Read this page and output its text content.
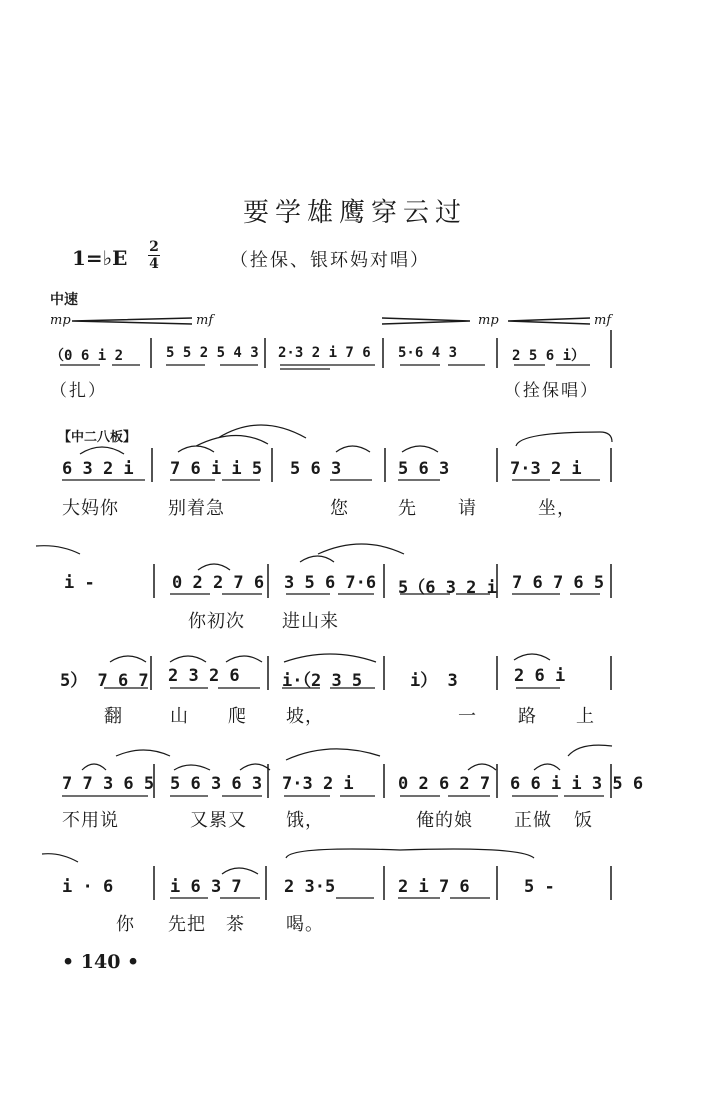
要学雄鹰穿云过
1=♭E 2
4	（拴保、银环妈对唱）
中速
mp	mf	mp	mf
（0 6 i 2	5 5 2 5 4 3 2·3 2 i 7 6 5·6 4 3	2 5 6 i）
（扎）	（拴保唱）
【中二八板】
6 3 2 i 7 6 i i 5 5 6 3	5 6 3	7·3 2 i
大妈你	别着急	您	先 请	坐，
i -	0 2 2 7 6 3 5 6 7·6 5（6 3 2 i 7 6 7 6 5
你初次 进山来
5） 7 6 7 2 3 2 6 i·（2 3 5	i） 3	2 6 i
翻	山 爬 坡，	一 路 上
7 7 3 6 5 5 6 3 6 3 7·3 2 i	0 2 6 2 7 6 6 i i 3 5 6
不用说	又累又 饿，	俺的娘 正做 饭
i · 6	i 6 3 7 2 3·5	2 i 7 6	5 -
你 先把 茶 喝。
• 140 •
